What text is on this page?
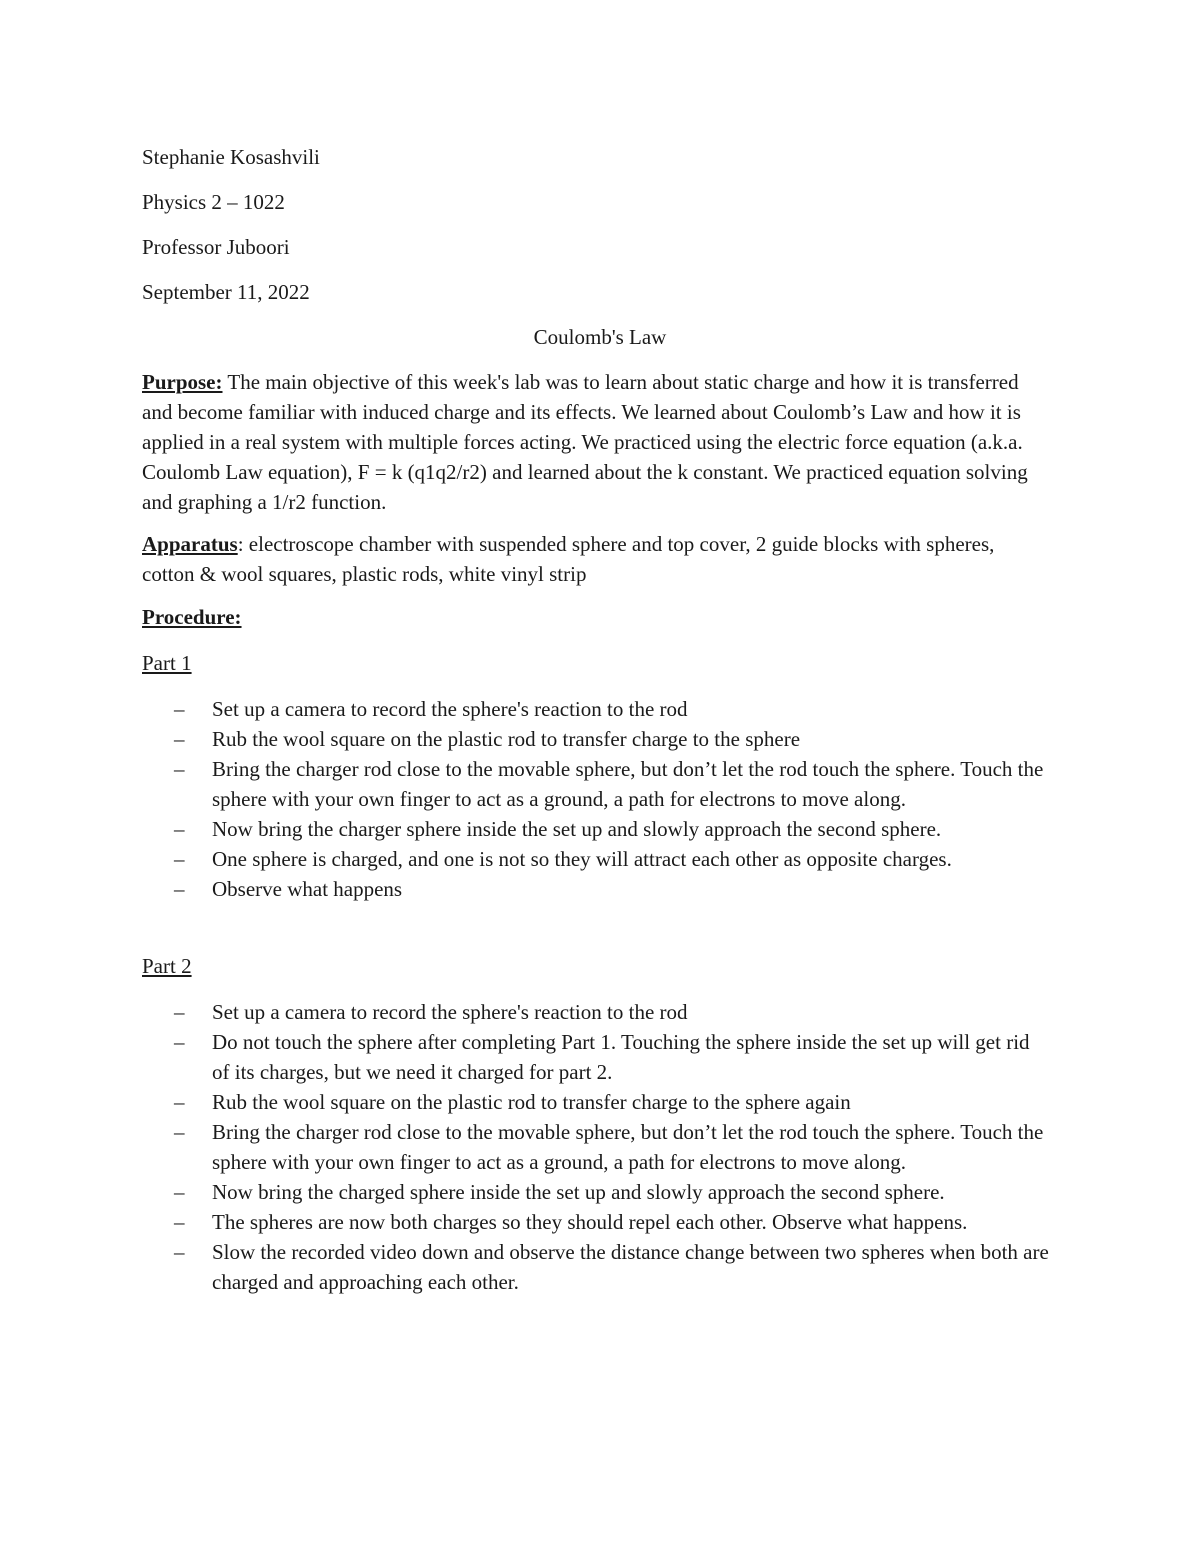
Stephanie Kosashvili
Physics 2 – 1022
Professor Juboori
September 11, 2022
Coulomb's Law

Purpose: The main objective of this week's lab was to learn about static charge and how it is transferred and become familiar with induced charge and its effects. We learned about Coulomb’s Law and how it is applied in a real system with multiple forces acting. We practiced using the electric force equation (a.k.a. Coulomb Law equation), F = k (q1q2/r2) and learned about the k constant. We practiced equation solving and graphing a 1/r2 function.

Apparatus: electroscope chamber with suspended sphere and top cover, 2 guide blocks with spheres, cotton & wool squares, plastic rods, white vinyl strip

Procedure:

Part 1
– Set up a camera to record the sphere's reaction to the rod
– Rub the wool square on the plastic rod to transfer charge to the sphere
– Bring the charger rod close to the movable sphere, but don’t let the rod touch the sphere. Touch the sphere with your own finger to act as a ground, a path for electrons to move along.
– Now bring the charger sphere inside the set up and slowly approach the second sphere.
– One sphere is charged, and one is not so they will attract each other as opposite charges.
– Observe what happens
Part 2
– Set up a camera to record the sphere's reaction to the rod
– Do not touch the sphere after completing Part 1. Touching the sphere inside the set up will get rid of its charges, but we need it charged for part 2.
– Rub the wool square on the plastic rod to transfer charge to the sphere again
– Bring the charger rod close to the movable sphere, but don’t let the rod touch the sphere. Touch the sphere with your own finger to act as a ground, a path for electrons to move along.
– Now bring the charged sphere inside the set up and slowly approach the second sphere.
– The spheres are now both charges so they should repel each other. Observe what happens.
– Slow the recorded video down and observe the distance change between two spheres when both are charged and approaching each other.
